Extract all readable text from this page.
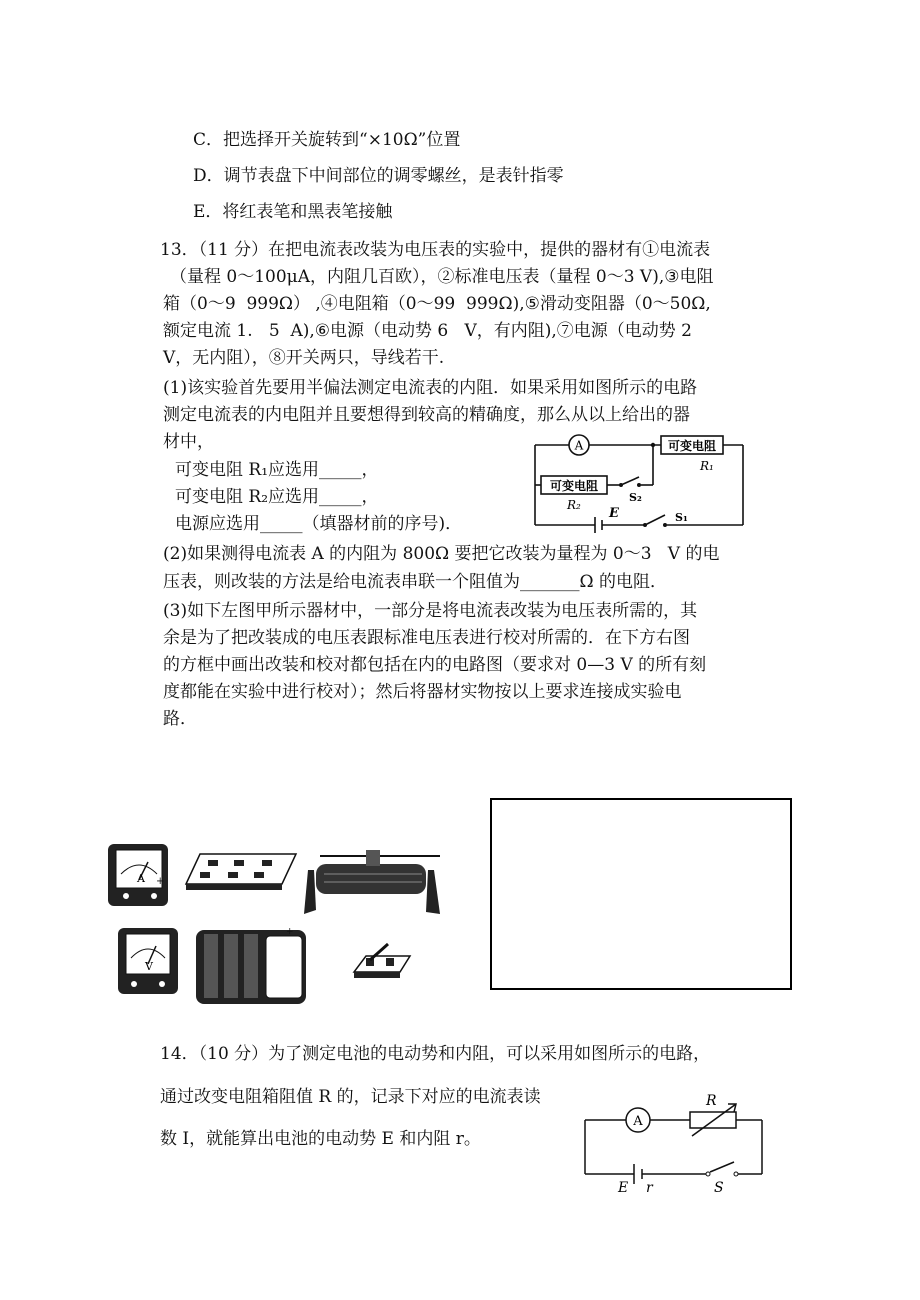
C．把选择开关旋转到“×10Ω”位置
D．调节表盘下中间部位的调零螺丝，是表针指零
E．将红表笔和黑表笔接触
13．（11 分）在把电流表改装为电压表的实验中，提供的器材有①电流表
（量程 0～100μA，内阻几百欧），②标准电压表（量程 0～3 V),③电阻
箱（0～9  999Ω） ,④电阻箱（0～99  999Ω),⑤滑动变阻器（0～50Ω,
额定电流 1.   5  A),⑥电源（电动势 6   V，有内阻),⑦电源（电动势 2
V，无内阻），⑧开关两只，导线若干.
(1)该实验首先要用半偏法测定电流表的内阻．如果采用如图所示的电路
测定电流表的内电阻并且要想得到较高的精确度，那么从以上给出的器
材中，
可变电阻 R₁应选用_____，
可变电阻 R₂应选用_____，
电源应选用_____（填器材前的序号)．
A	可变电阻
R₁
可变电阻
R₂
S₂
E	S₁
(2)如果测得电流表 A 的内阻为 800Ω 要把它改装为量程为 0～3   V 的电
压表，则改装的方法是给电流表串联一个阻值为_______Ω 的电阻．
(3)如下左图甲所示器材中，一部分是将电流表改装为电压表所需的，其
余是为了把改装成的电压表跟标准电压表进行校对所需的．在下方右图
的方框中画出改装和校对都包括在内的电路图（要求对 0—3 V 的所有刻
度都能在实验中进行校对）；然后将器材实物按以上要求连接成实验电
路．
A +
V
+
14．（10 分）为了测定电池的电动势和内阻，可以采用如图所示的电路，
通过改变电阻箱阻值 R 的，记录下对应的电流表读
数 I，就能算出电池的电动势 E 和内阻 r。
A
R
E r	S
